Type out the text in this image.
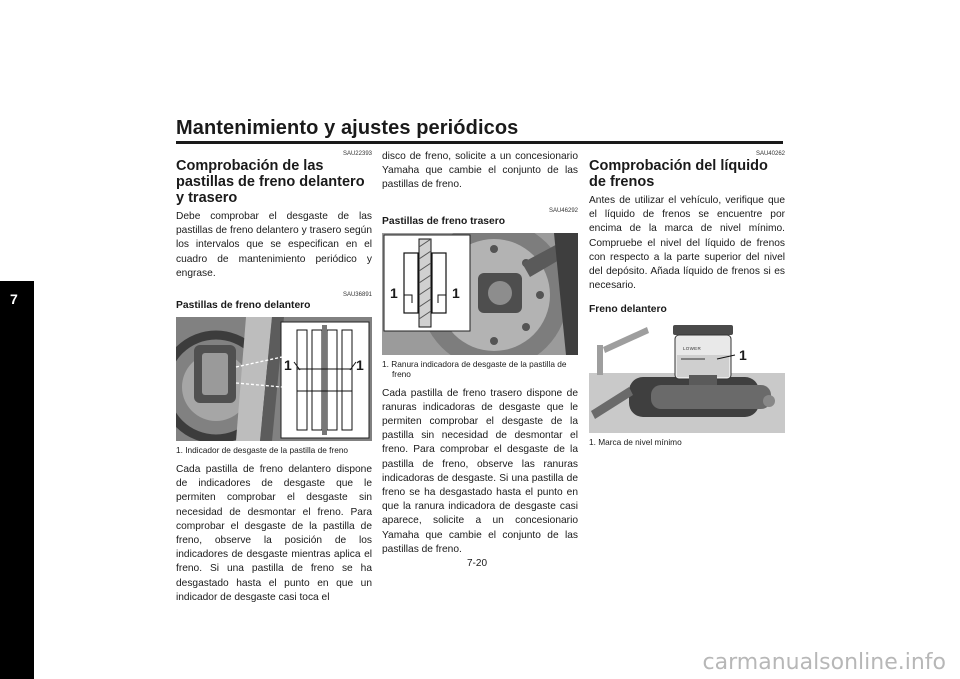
Mantenimiento y ajustes periódicos
7
SAU22393
Comprobación de las pastillas de freno delantero y trasero

Debe comprobar el desgaste de las pastillas de freno delantero y trasero según los intervalos que se especifican en el cuadro de mantenimiento periódico y engrase.

SAU36891
Pastillas de freno delantero
1	1

1. Indicador de desgaste de la pastilla de freno

Cada pastilla de freno delantero dispone de indicadores de desgaste que le permiten comprobar el desgaste sin necesidad de desmontar el freno. Para comprobar el desgaste de la pastilla de freno, observe la posición de los indicadores de desgaste mientras aplica el freno. Si una pastilla de freno se ha desgastado hasta el punto en que un indicador de desgaste casi toca el

disco de freno, solicite a un concesionario Yamaha que cambie el conjunto de las pastillas de freno.

SAU46292
Pastillas de freno trasero
1	1

1. Ranura indicadora de desgaste de la pastilla de freno

Cada pastilla de freno trasero dispone de ranuras indicadoras de desgaste que le permiten comprobar el desgaste de la pastilla sin necesidad de desmontar el freno. Para comprobar el desgaste de la pastilla de freno, observe las ranuras indicadoras de desgaste. Si una pastilla de freno se ha desgastado hasta el punto en que la ranura indicadora de desgaste casi aparece, solicite a un concesionario Yamaha que cambie el conjunto de las pastillas de freno.

SAU40262
Comprobación del líquido de frenos

Antes de utilizar el vehículo, verifique que el líquido de frenos se encuentre por encima de la marca de nivel mínimo. Compruebe el nivel del líquido de frenos con respecto a la parte superior del nivel del depósito. Añada líquido de frenos si es necesario.

Freno delantero
LOWER	1

1. Marca de nivel mínimo

7-20
carmanualsonline.info
